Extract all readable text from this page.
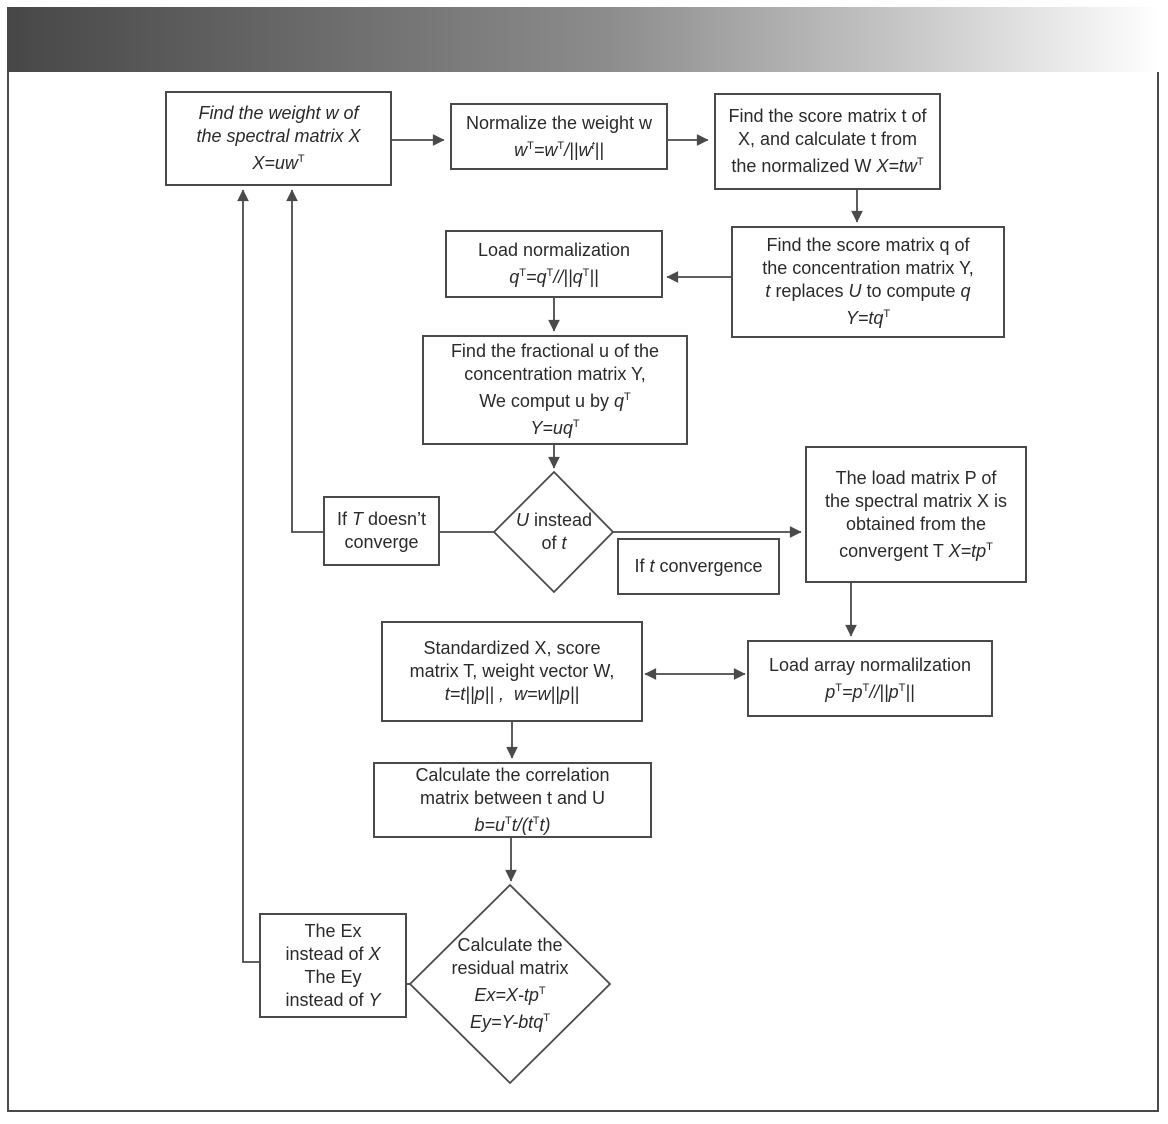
Find the weight w of
the spectral matrix X
$X=uw^T$
Normalize the weight w
$w^T=w^T/||w^t||$
Find the score matrix t of
X, and calculate t from
the normalized W $X=tw^T$
Find the score matrix q of
the concentration matrix Y,
t replaces U to compute q
$Y=tq^T$
Load normalization
$q^T=q^T//||q^T||$
Find the fractional u of the
concentration matrix Y,
We comput u by $q^T$
$Y=uq^T$
U instead
of t
If T doesn’t
converge
If t convergence
The load matrix P of
the spectral matrix X is
obtained from the
convergent T $X=tp^T$
Load array normalilzation
$p^T=p^T//||p^T||$
Standardized X, score
matrix T, weight vector W,
t=t||p|| ,  w=w||p||
Calculate the correlation
matrix between t and U
$b=u^Tt/(t^Tt)$
The Ex
instead of X
The Ey
instead of Y
Calculate the
residual matrix
$Ex=X-tp^T$
Ey=Y-btq$^T$
